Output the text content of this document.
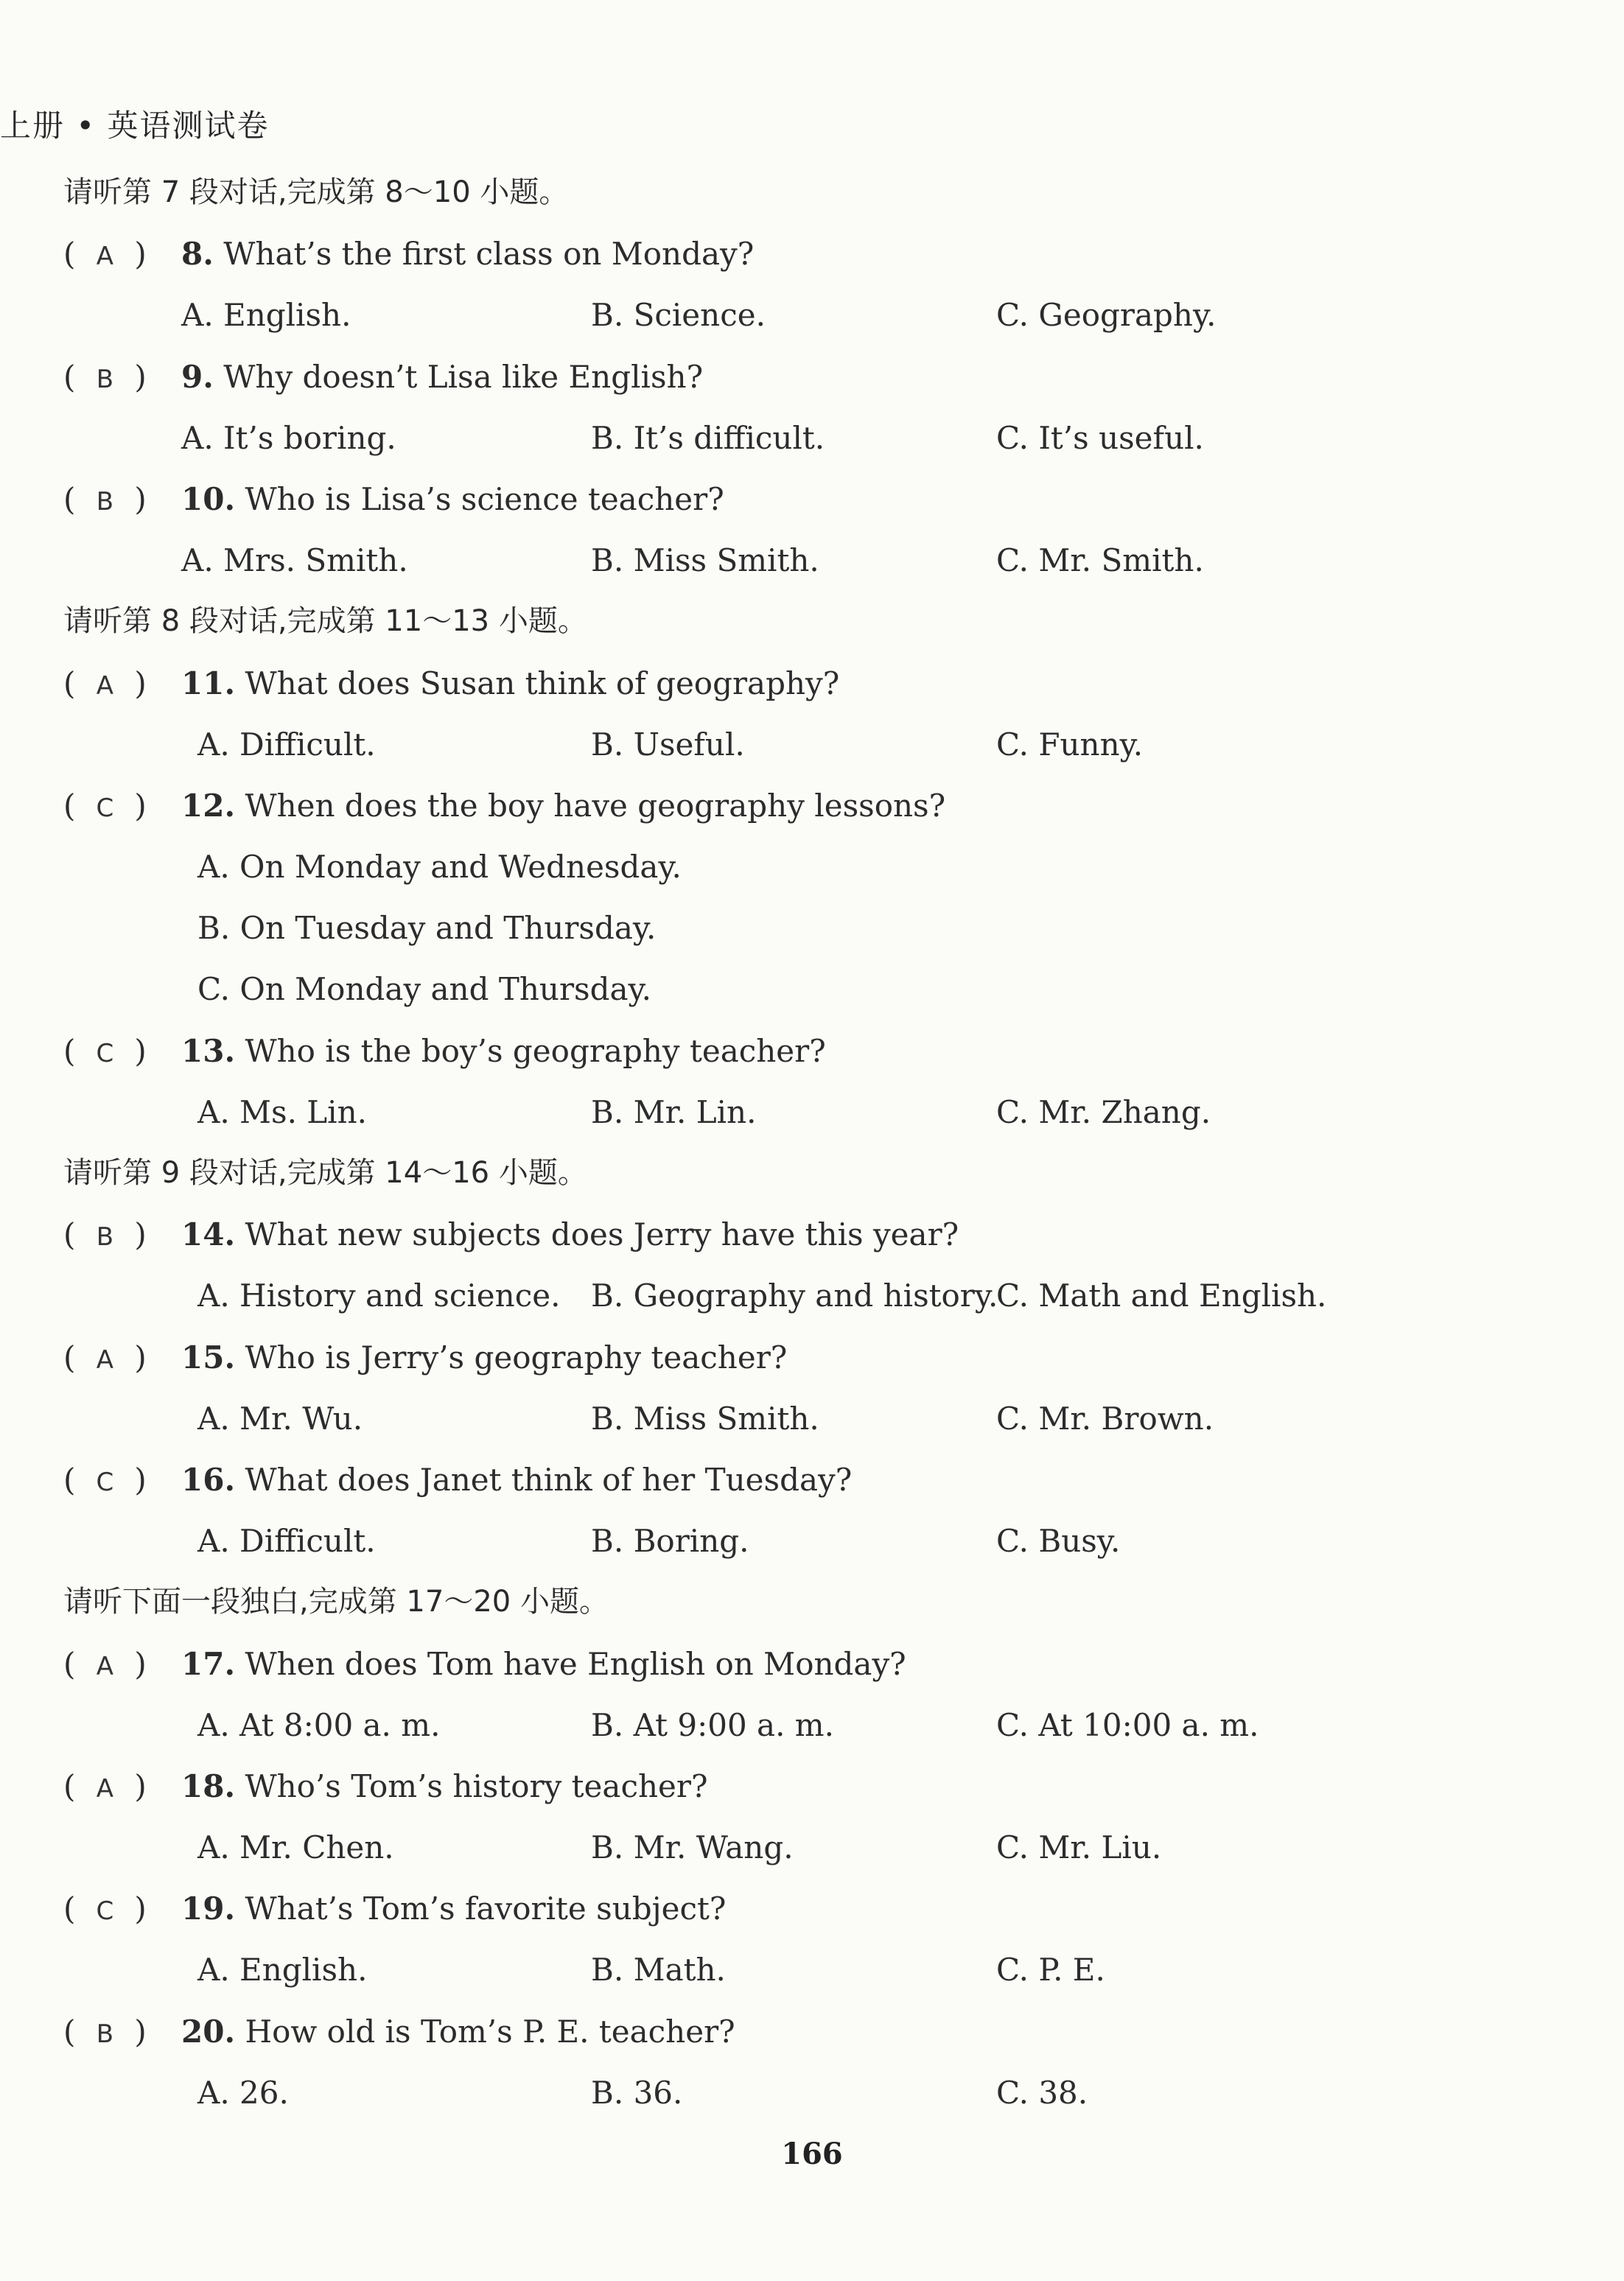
上册 • 英语测试卷
请听第 7 段对话,完成第 8～10 小题。
( A ) 8. What’s the first class on Monday?
A. English.	B. Science.	C. Geography.
( B ) 9. Why doesn’t Lisa like English?
A. It’s boring.	B. It’s difficult.	C. It’s useful.
( B ) 10. Who is Lisa’s science teacher?
A. Mrs. Smith.	B. Miss Smith.	C. Mr. Smith.
请听第 8 段对话,完成第 11～13 小题。
( A ) 11. What does Susan think of geography?
A. Difficult.	B. Useful.	C. Funny.
( C ) 12. When does the boy have geography lessons?
A. On Monday and Wednesday.
B. On Tuesday and Thursday.
C. On Monday and Thursday.
( C ) 13. Who is the boy’s geography teacher?
A. Ms. Lin.	B. Mr. Lin.	C. Mr. Zhang.
请听第 9 段对话,完成第 14～16 小题。
( B ) 14. What new subjects does Jerry have this year?
A. History and science. B. Geography and history.
C. Math and English.
( A ) 15. Who is Jerry’s geography teacher?
A. Mr. Wu.	B. Miss Smith.	C. Mr. Brown.
( C ) 16. What does Janet think of her Tuesday?
A. Difficult.	B. Boring.	C. Busy.
请听下面一段独白,完成第 17～20 小题。
( A ) 17. When does Tom have English on Monday?
A. At 8:00 a. m.	B. At 9:00 a. m.	C. At 10:00 a. m.
( A ) 18. Who’s Tom’s history teacher?
A. Mr. Chen.	B. Mr. Wang.	C. Mr. Liu.
( C ) 19. What’s Tom’s favorite subject?
A. English.	B. Math.	C. P. E.
( B ) 20. How old is Tom’s P. E. teacher?
A. 26.	B. 36.	C. 38.
166
